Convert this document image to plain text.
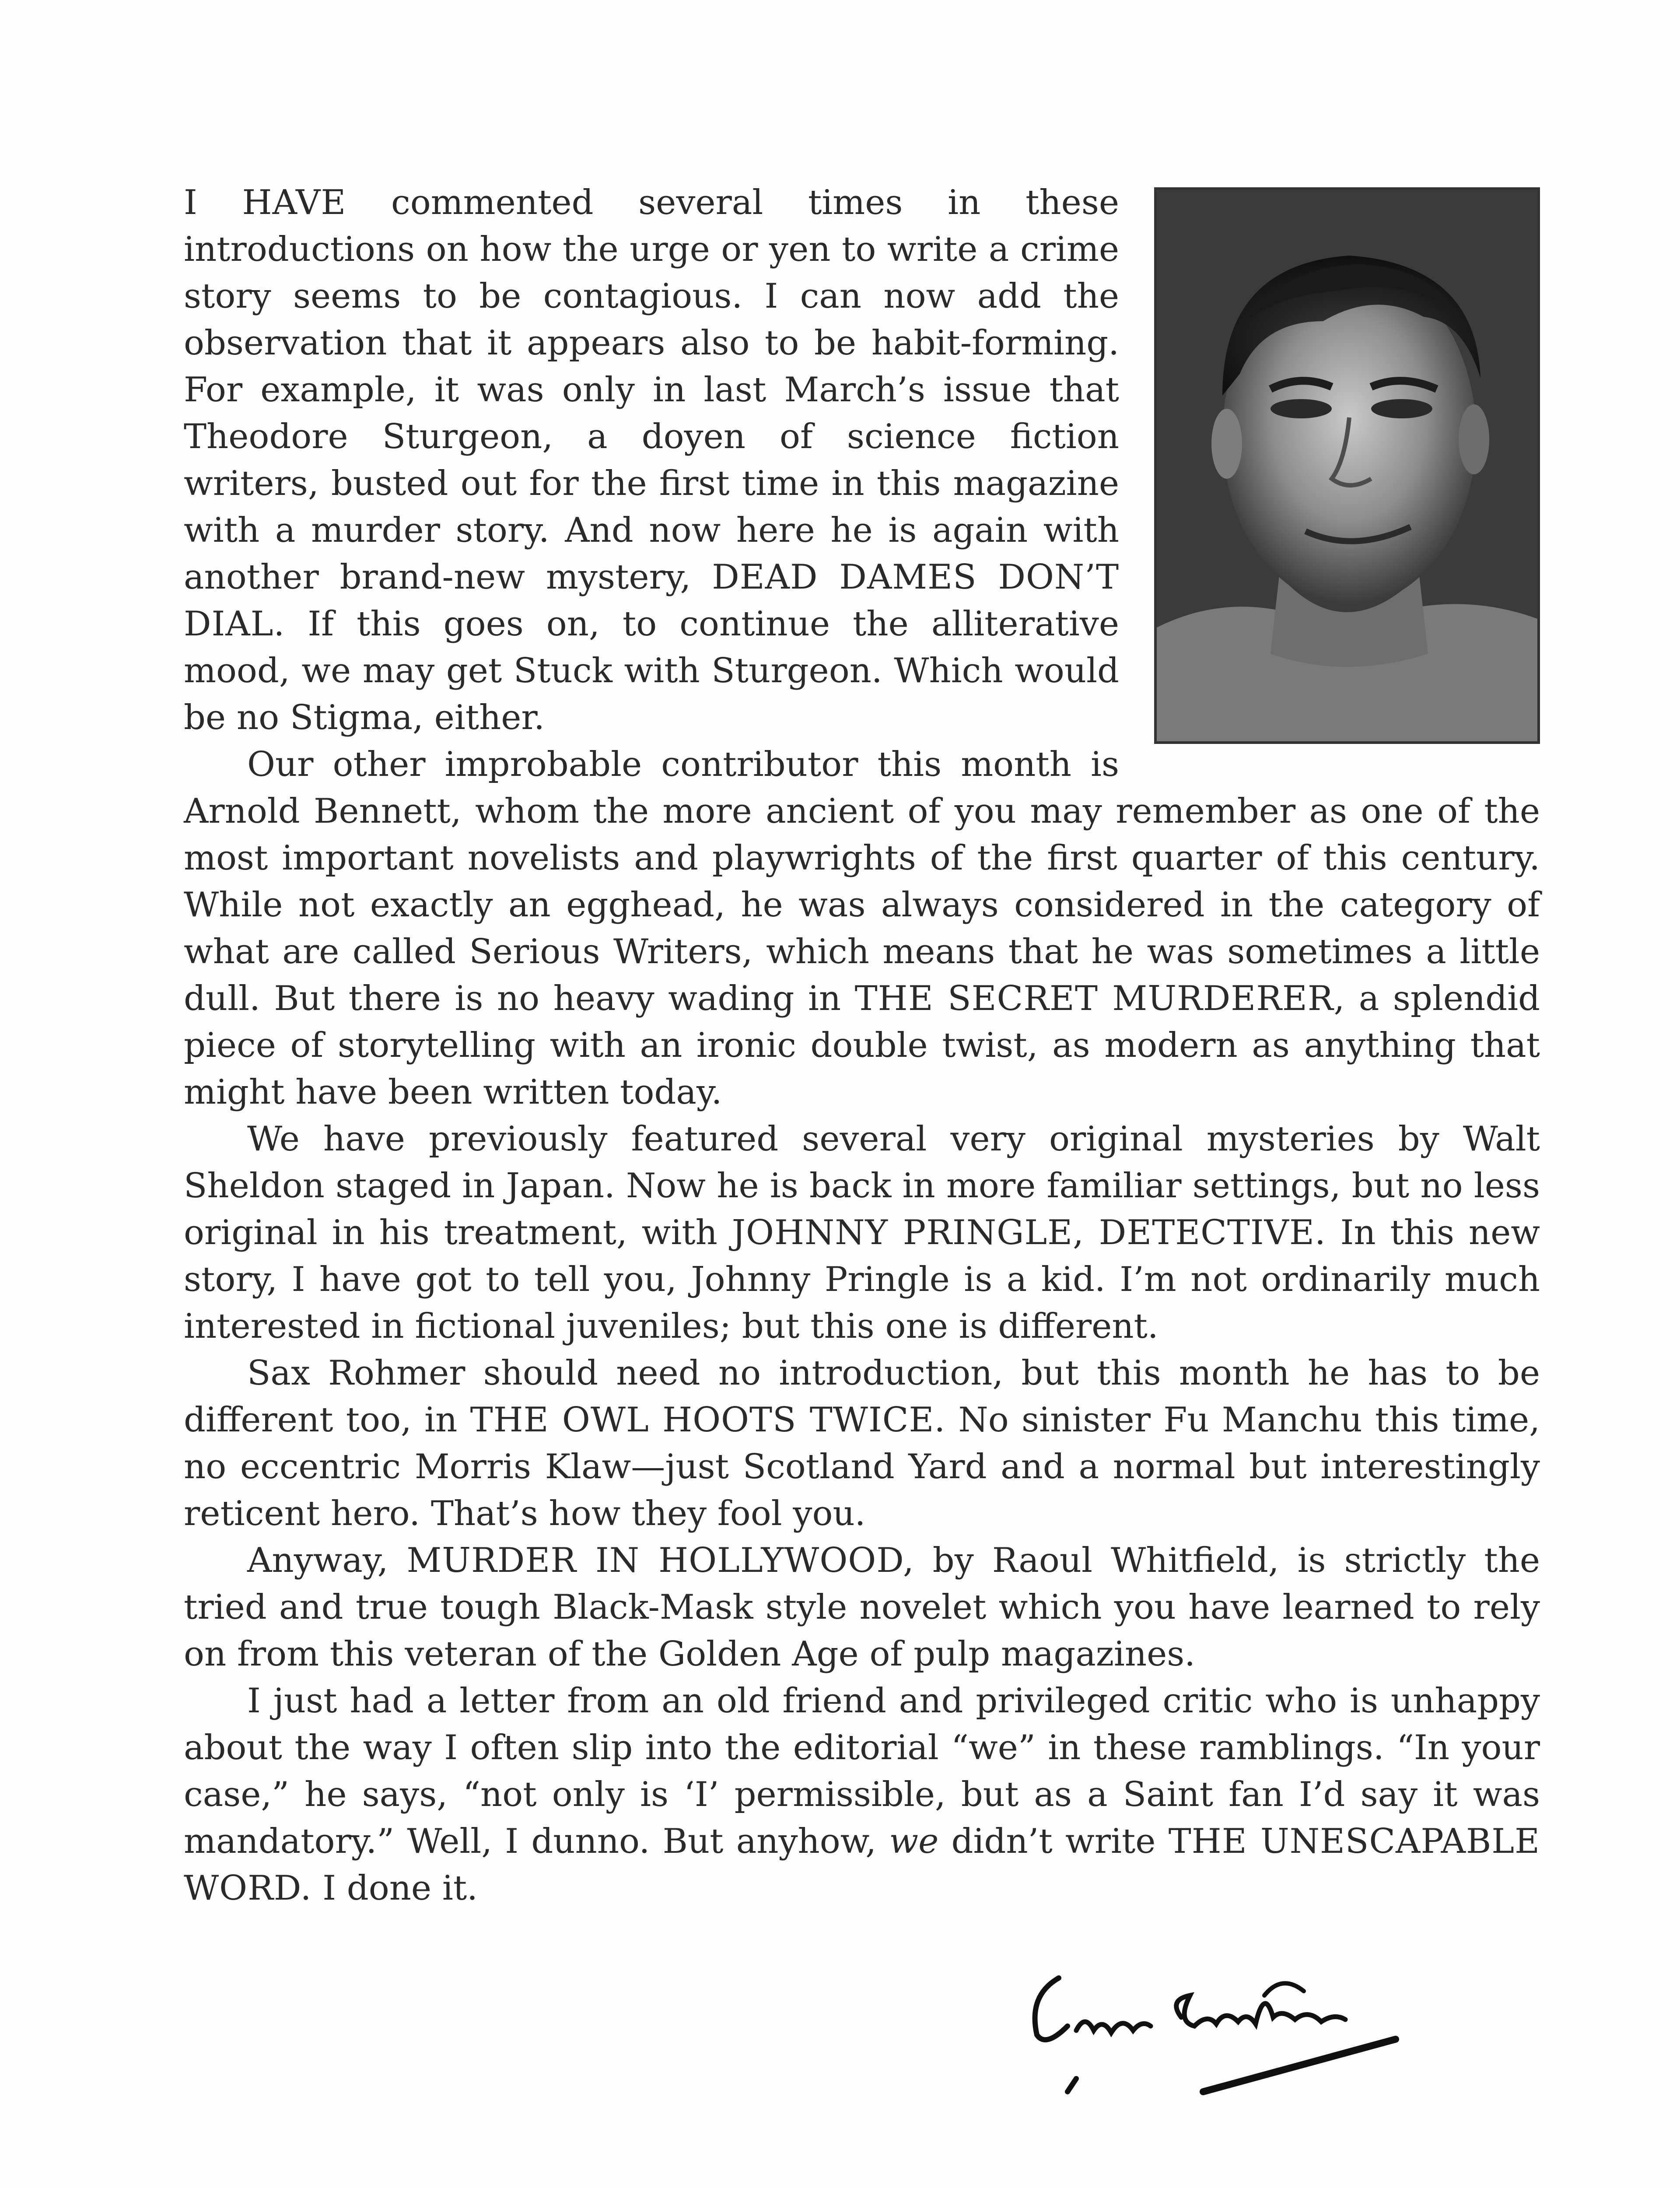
I HAVE commented several times in these introductions on how the urge or yen to write a crime story seems to be contagious. I can now add the observation that it appears also to be habit-forming. For example, it was only in last March’s issue that Theodore Sturgeon, a doyen of science fiction writers, busted out for the first time in this magazine with a murder story. And now here he is again with another brand-new mystery, DEAD DAMES DON’T DIAL. If this goes on, to continue the alliterative mood, we may get Stuck with Sturgeon. Which would be no Stigma, either.

Our other improbable contributor this month is Arnold Bennett, whom the more ancient of you may remember as one of the most important novelists and playwrights of the first quarter of this century. While not exactly an egghead, he was always considered in the category of what are called Serious Writers, which means that he was sometimes a little dull. But there is no heavy wading in THE SECRET MURDERER, a splendid piece of storytelling with an ironic double twist, as modern as anything that might have been written today.

We have previously featured several very original mysteries by Walt Sheldon staged in Japan. Now he is back in more familiar settings, but no less original in his treatment, with JOHNNY PRINGLE, DETECTIVE. In this new story, I have got to tell you, Johnny Pringle is a kid. I’m not ordinarily much interested in fictional juveniles; but this one is different.

Sax Rohmer should need no introduction, but this month he has to be different too, in THE OWL HOOTS TWICE. No sinister Fu Manchu this time, no eccentric Morris Klaw—just Scotland Yard and a normal but interestingly reticent hero. That’s how they fool you.

Anyway, MURDER IN HOLLYWOOD, by Raoul Whitfield, is strictly the tried and true tough Black-Mask style novelet which you have learned to rely on from this veteran of the Golden Age of pulp magazines.

I just had a letter from an old friend and privileged critic who is unhappy about the way I often slip into the editorial “we” in these ramblings. “In your case,” he says, “not only is ‘I’ permissible, but as a Saint fan I’d say it was mandatory.” Well, I dunno. But anyhow, we didn’t write THE UNESCAPABLE WORD. I done it.
